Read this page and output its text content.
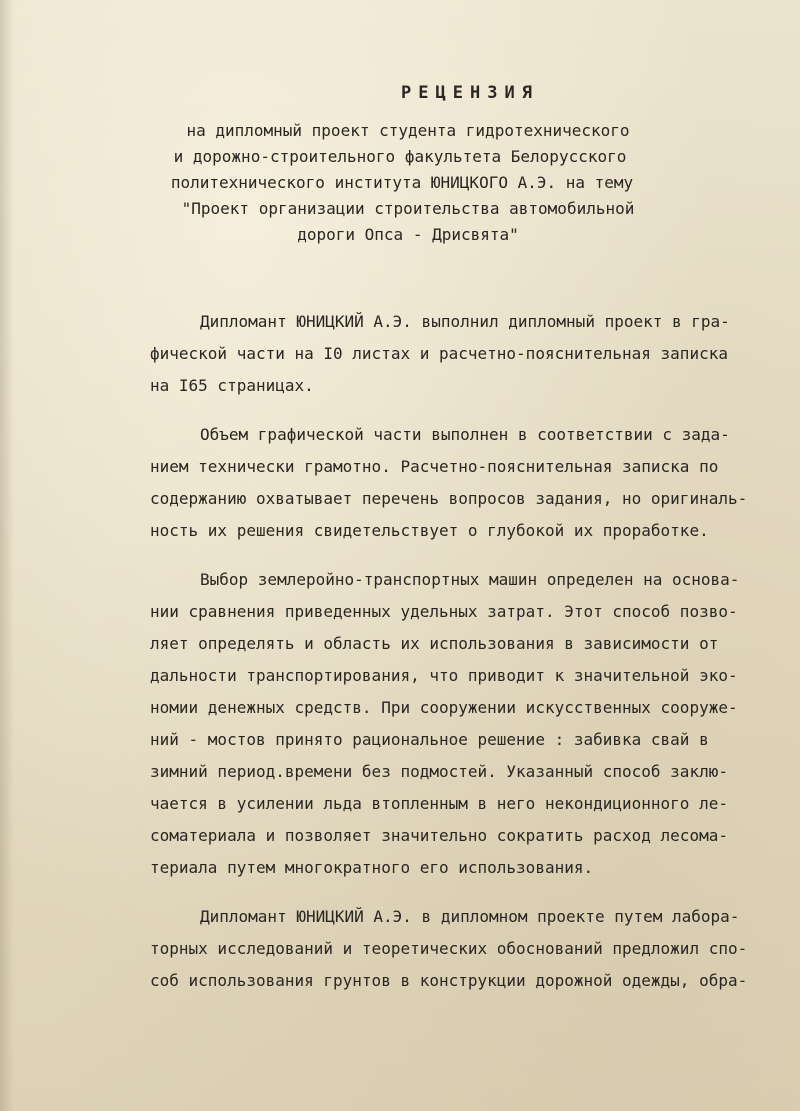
РЕЦЕНЗИЯ
на дипломный проект студента гидротехнического
и дорожно-строительного факультета Белорусского
политехнического института ЮНИЦКОГО А.Э. на тему
"Проект организации строительства автомобильной
дороги Опса - Дрисвята"
Дипломант ЮНИЦКИЙ А.Э. выполнил дипломный проект в гра-
фической части на I0 листах и расчетно-пояснительная записка
на I65 страницах.
Объем графической части выполнен в соответствии с зада-
нием технически грамотно. Расчетно-пояснительная записка по
содержанию охватывает перечень вопросов задания, но оригиналь-
ность их решения свидетельствует о глубокой их проработке.
Выбор землеройно-транспортных машин определен на основа-
нии сравнения приведенных удельных затрат. Этот способ позво-
ляет определять и область их использования в зависимости от
дальности транспортирования, что приводит к значительной эко-
номии денежных средств. При сооружении искусственных сооруже-
ний - мостов принято рациональное решение : забивка свай в
зимний период.времени без подмостей. Указанный способ заклю-
чается в усилении льда втопленным в него некондиционного ле-
соматериала и позволяет значительно сократить расход лесома-
териала путем многократного его использования.
Дипломант ЮНИЦКИЙ А.Э. в дипломном проекте путем лабора-
торных исследований и теоретических обоснований предложил спо-
соб использования грунтов в конструкции дорожной одежды, обра-
